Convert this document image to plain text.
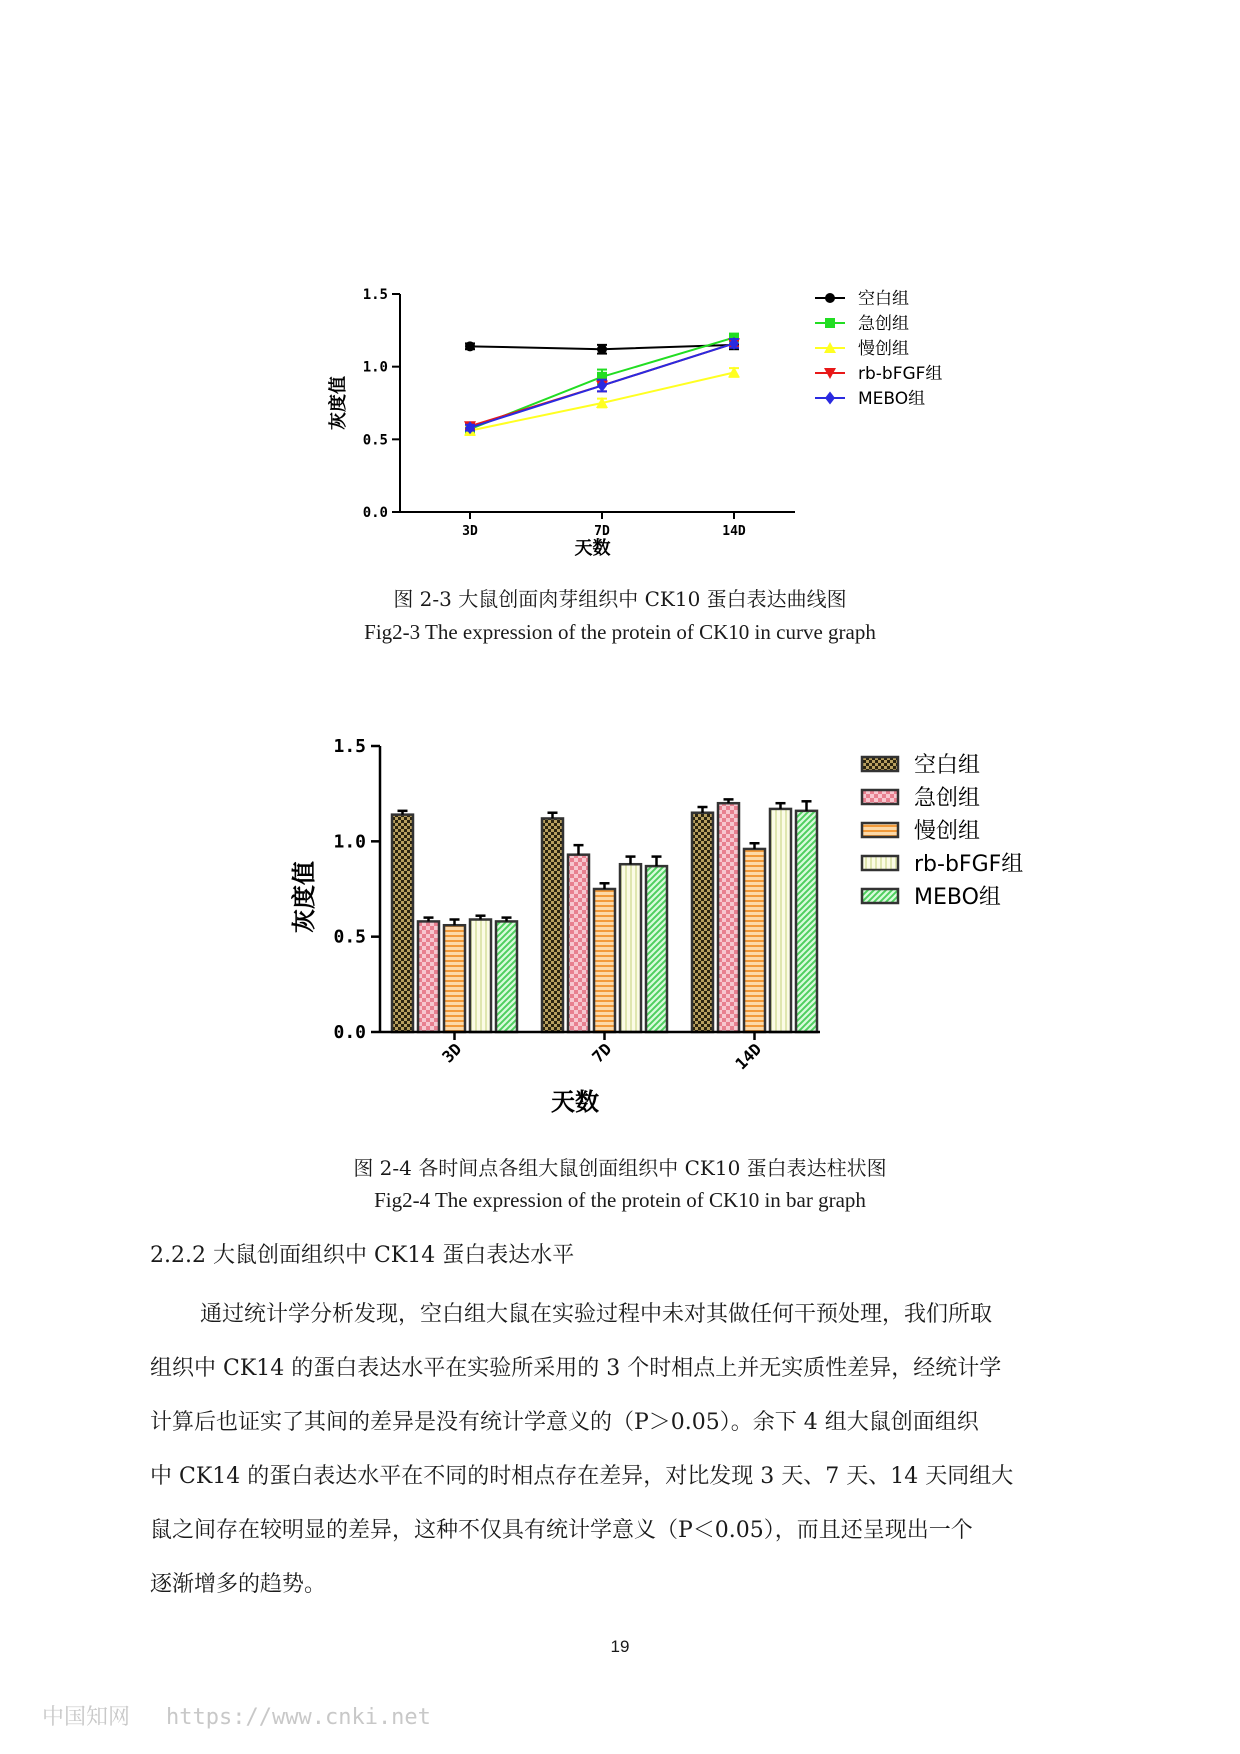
0.0
0.5
1.0
1.5
3D	7D	14D
天数
灰度值
空白组
急创组
慢创组
rb-bFGF组
MEBO组
图 2-3 大鼠创面肉芽组织中 CK10 蛋白表达曲线图
Fig2-3 The expression of the protein of CK10 in curve graph
0.0
0.5
1.0
1.5
3D	7D	14D
天数
灰度值
空白组
急创组
慢创组
rb-bFGF组
MEBO组
图 2-4 各时间点各组大鼠创面组织中 CK10 蛋白表达柱状图
Fig2-4 The expression of the protein of CK10 in bar graph
2.2.2 大鼠创面组织中 CK14 蛋白表达水平
通过统计学分析发现，空白组大鼠在实验过程中未对其做任何干预处理，我们所取
组织中 CK14 的蛋白表达水平在实验所采用的 3 个时相点上并无实质性差异，经统计学
计算后也证实了其间的差异是没有统计学意义的（P＞0.05）。余下 4 组大鼠创面组织
中 CK14 的蛋白表达水平在不同的时相点存在差异，对比发现 3 天、7 天、14 天同组大
鼠之间存在较明显的差异，这种不仅具有统计学意义（P＜0.05），而且还呈现出一个
逐渐增多的趋势。
19
中国知网 https://www.cnki.net
